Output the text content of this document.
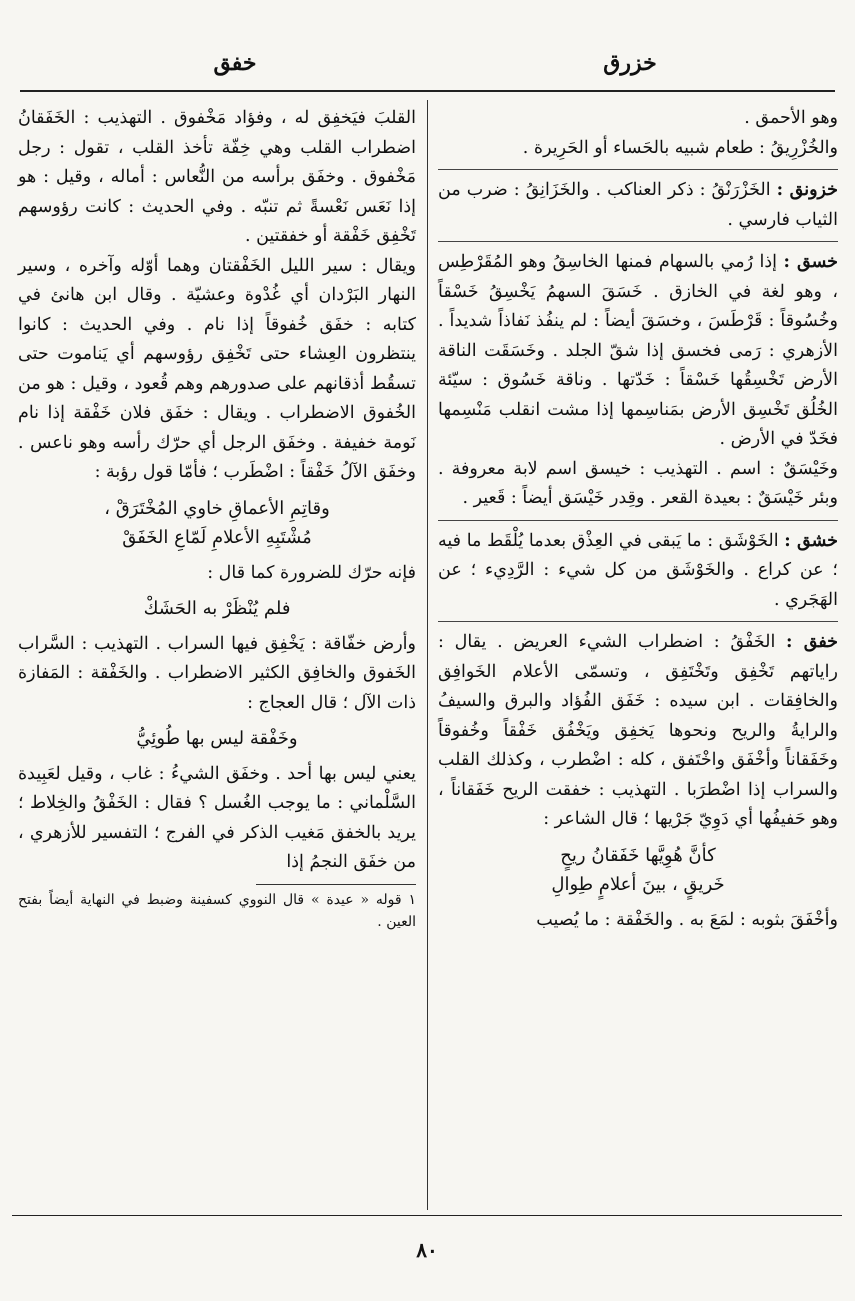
خزرق
خفق

وهو الأحمق .

والخُزْرِيقُ : طعام شبيه بالحَساء أو الحَرِيرة .

خزونق : الخَزْرَنْقُ : ذكر العناكب . والخَزَانِقُ : ضرب من الثياب فارسي .

خسق : إذا رُمي بالسهام فمنها الخاسِقُ وهو المُقَرْطِس ، وهو لغة في الخازق . خَسَقَ السهمُ يَخْسِقُ خَسْقاً وخُسُوقاً : قَرْطَسَ ، وخسَقَ أيضاً : لم ينفُذ نَفاذاً شديداً . الأزهري : رَمى فخسق إذا شقّ الجلد . وخَسَقَت الناقة الأرض تَخْسِقُها خَسْقاً : خَدّتها . وناقة خَسُوق : سيّئة الخُلُق تَخْسِق الأرض بمَناسِمها إذا مشت انقلب مَنْسِمها فخَدّ في الأرض .

وخَيْسَقٌ : اسم . التهذيب : خيسق اسم لابة معروفة . وبئر خَيْسَقٌ : بعيدة القعر . وقِدر خَيْسَق أيضاً : قَعير .

خشق : الخَوْشَق : ما يَبقى في العِذْق بعدما يُلْقَط ما فيه ؛ عن كراع . والخَوْشَق من كل شيء : الرَّدِيء ؛ عن الهَجَري .

خفق : الخَفْقُ : اضطراب الشيء العريض . يقال : راياتهم تَخْفِق وتَخْتَفِق ، وتسمّى الأعلام الخَوافِق والخافِقات . ابن سيده : خَفَق الفُؤاد والبرق والسيفُ والرايةُ والريح ونحوها يَخفِق ويَخْفُق خَفْقاً وخُفوقاً وخَفَقاناً وأخْفَق واخْتَفق ، كله : اضْطرب ، وكذلك القلب والسراب إذا اضْطرَبا . التهذيب : خفقت الريح خَفَقاناً ، وهو حَفيفُها أي دَوِيّ جَرْيها ؛ قال الشاعر :

كأنَّ هُوِيَّها خَفَقانُ ريحٍ
خَريقٍ ، بينَ أعلامٍ طِوالِ

وأخْفَقَ بثوبه : لمَعَ به . والخَفْقة : ما يُصيب

القلبَ فيَخفِق له ، وفؤاد مَخْفوق . التهذيب : الخَفَقانُ اضطراب القلب وهي خِفّة تأخذ القلب ، تقول : رجل مَخْفوق . وخفَق برأسه من النُّعاس : أماله ، وقيل : هو إذا نَعَس نَعْسةً ثم تنبّه . وفي الحديث : كانت رؤوسهم تَخْفِق خَفْقة أو خفقتين .

ويقال : سير الليل الخَفْقتان وهما أوّله وآخره ، وسير النهار البَرْدان أي غُدْوة وعشيّة . وقال ابن هانئ في كتابه : خفَق خُفوقاً إذا نام . وفي الحديث : كانوا ينتظرون العِشاء حتى تَخْفِق رؤوسهم أي يَناموت حتى تسقُط أذقانهم على صدورهم وهم قُعود ، وقيل : هو من الخُفوق الاضطراب . ويقال : خفَق فلان خَفْقة إذا نام نَومة خفيفة . وخفَق الرجل أي حرّك رأسه وهو ناعس . وخفَق الآلُ خَفْقاً : اضْطَرب ؛ فأمّا قول رؤبة :

وقاتِمِ الأعماقِ خاوي المُخْتَرَقْ ،
مُشْتَبِهِ الأعلامِ لَمّاعِ الخَفَقْ

فإنه حرّك للضرورة كما قال :

فلم يُنْظَرْ به الحَشَكْ

وأرض خفّاقة : يَخْفِق فيها السراب . التهذيب : السَّراب الخَفوق والخافِق الكثير الاضطراب . والخَفْقة : المَفازة ذات الآل ؛ قال العجاج :

وخَفْقة ليس بها طُوئِيُّ

يعني ليس بها أحد . وخفَق الشيءُ : غاب ، وقيل لعَبِيدة السَّلْماني : ما يوجب الغُسل ؟ فقال : الخَفْقُ والخِلاط ؛ يريد بالخفق مَغيب الذكر في الفرج ؛ التفسير للأزهري ، من خفَق النجمُ إذا

١ قوله « عيدة » قال النووي كسفينة وضبط في النهاية أيضاً بفتح العين .

٨٠
